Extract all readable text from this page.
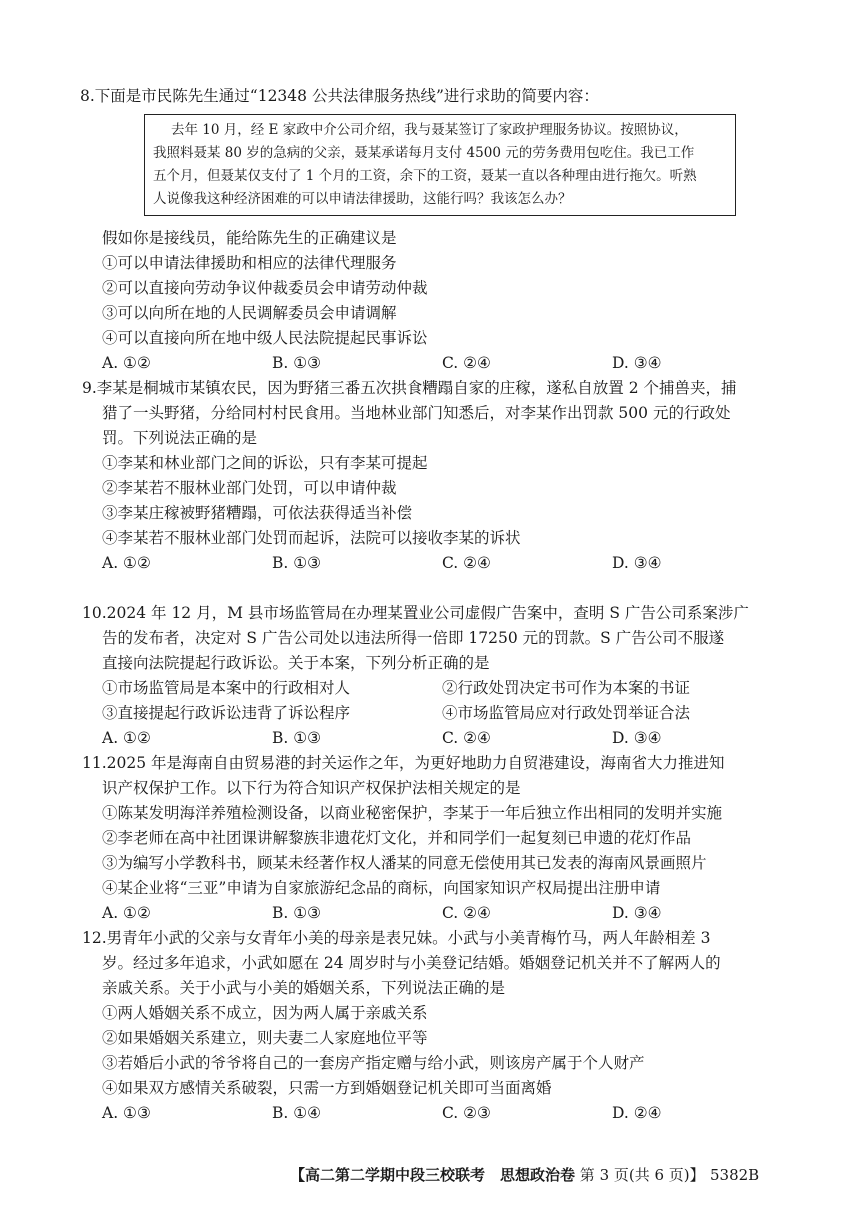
8.下面是市民陈先生通过“12348 公共法律服务热线”进行求助的简要内容：
去年 10 月，经 E 家政中介公司介绍，我与聂某签订了家政护理服务协议。按照协议，
我照料聂某 80 岁的急病的父亲，聂某承诺每月支付 4500 元的劳务费用包吃住。我已工作
五个月，但聂某仅支付了 1 个月的工资，余下的工资，聂某一直以各种理由进行拖欠。听熟
人说像我这种经济困难的可以申请法律援助，这能行吗？我该怎么办？
假如你是接线员，能给陈先生的正确建议是
①可以申请法律援助和相应的法律代理服务
②可以直接向劳动争议仲裁委员会申请劳动仲裁
③可以向所在地的人民调解委员会申请调解
④可以直接向所在地中级人民法院提起民事诉讼
A. ①②	B. ①③	C. ②④	D. ③④
9.李某是桐城市某镇农民，因为野猪三番五次拱食糟蹋自家的庄稼，遂私自放置 2 个捕兽夹，捕
猎了一头野猪，分给同村村民食用。当地林业部门知悉后，对李某作出罚款 500 元的行政处
罚。下列说法正确的是
①李某和林业部门之间的诉讼，只有李某可提起
②李某若不服林业部门处罚，可以申请仲裁
③李某庄稼被野猪糟蹋，可依法获得适当补偿
④李某若不服林业部门处罚而起诉，法院可以接收李某的诉状
A. ①②	B. ①③	C. ②④	D. ③④
10.2024 年 12 月，M 县市场监管局在办理某置业公司虚假广告案中，查明 S 广告公司系案涉广
告的发布者，决定对 S 广告公司处以违法所得一倍即 17250 元的罚款。S 广告公司不服遂
直接向法院提起行政诉讼。关于本案，下列分析正确的是
①市场监管局是本案中的行政相对人	②行政处罚决定书可作为本案的书证
③直接提起行政诉讼违背了诉讼程序	④市场监管局应对行政处罚举证合法
A. ①②	B. ①③	C. ②④	D. ③④
11.2025 年是海南自由贸易港的封关运作之年，为更好地助力自贸港建设，海南省大力推进知
识产权保护工作。以下行为符合知识产权保护法相关规定的是
①陈某发明海洋养殖检测设备，以商业秘密保护，李某于一年后独立作出相同的发明并实施
②李老师在高中社团课讲解黎族非遗花灯文化，并和同学们一起复刻已申遗的花灯作品
③为编写小学教科书，顾某未经著作权人潘某的同意无偿使用其已发表的海南风景画照片
④某企业将“三亚”申请为自家旅游纪念品的商标，向国家知识产权局提出注册申请
A. ①②	B. ①③	C. ②④	D. ③④
12.男青年小武的父亲与女青年小美的母亲是表兄妹。小武与小美青梅竹马，两人年龄相差 3
岁。经过多年追求，小武如愿在 24 周岁时与小美登记结婚。婚姻登记机关并不了解两人的
亲戚关系。关于小武与小美的婚姻关系，下列说法正确的是
①两人婚姻关系不成立，因为两人属于亲戚关系
②如果婚姻关系建立，则夫妻二人家庭地位平等
③若婚后小武的爷爷将自己的一套房产指定赠与给小武，则该房产属于个人财产
④如果双方感情关系破裂，只需一方到婚姻登记机关即可当面离婚
A. ①③	B. ①④	C. ②③	D. ②④
【高二第二学期中段三校联考　思想政治卷 第 3 页(共 6 页)】 5382B
